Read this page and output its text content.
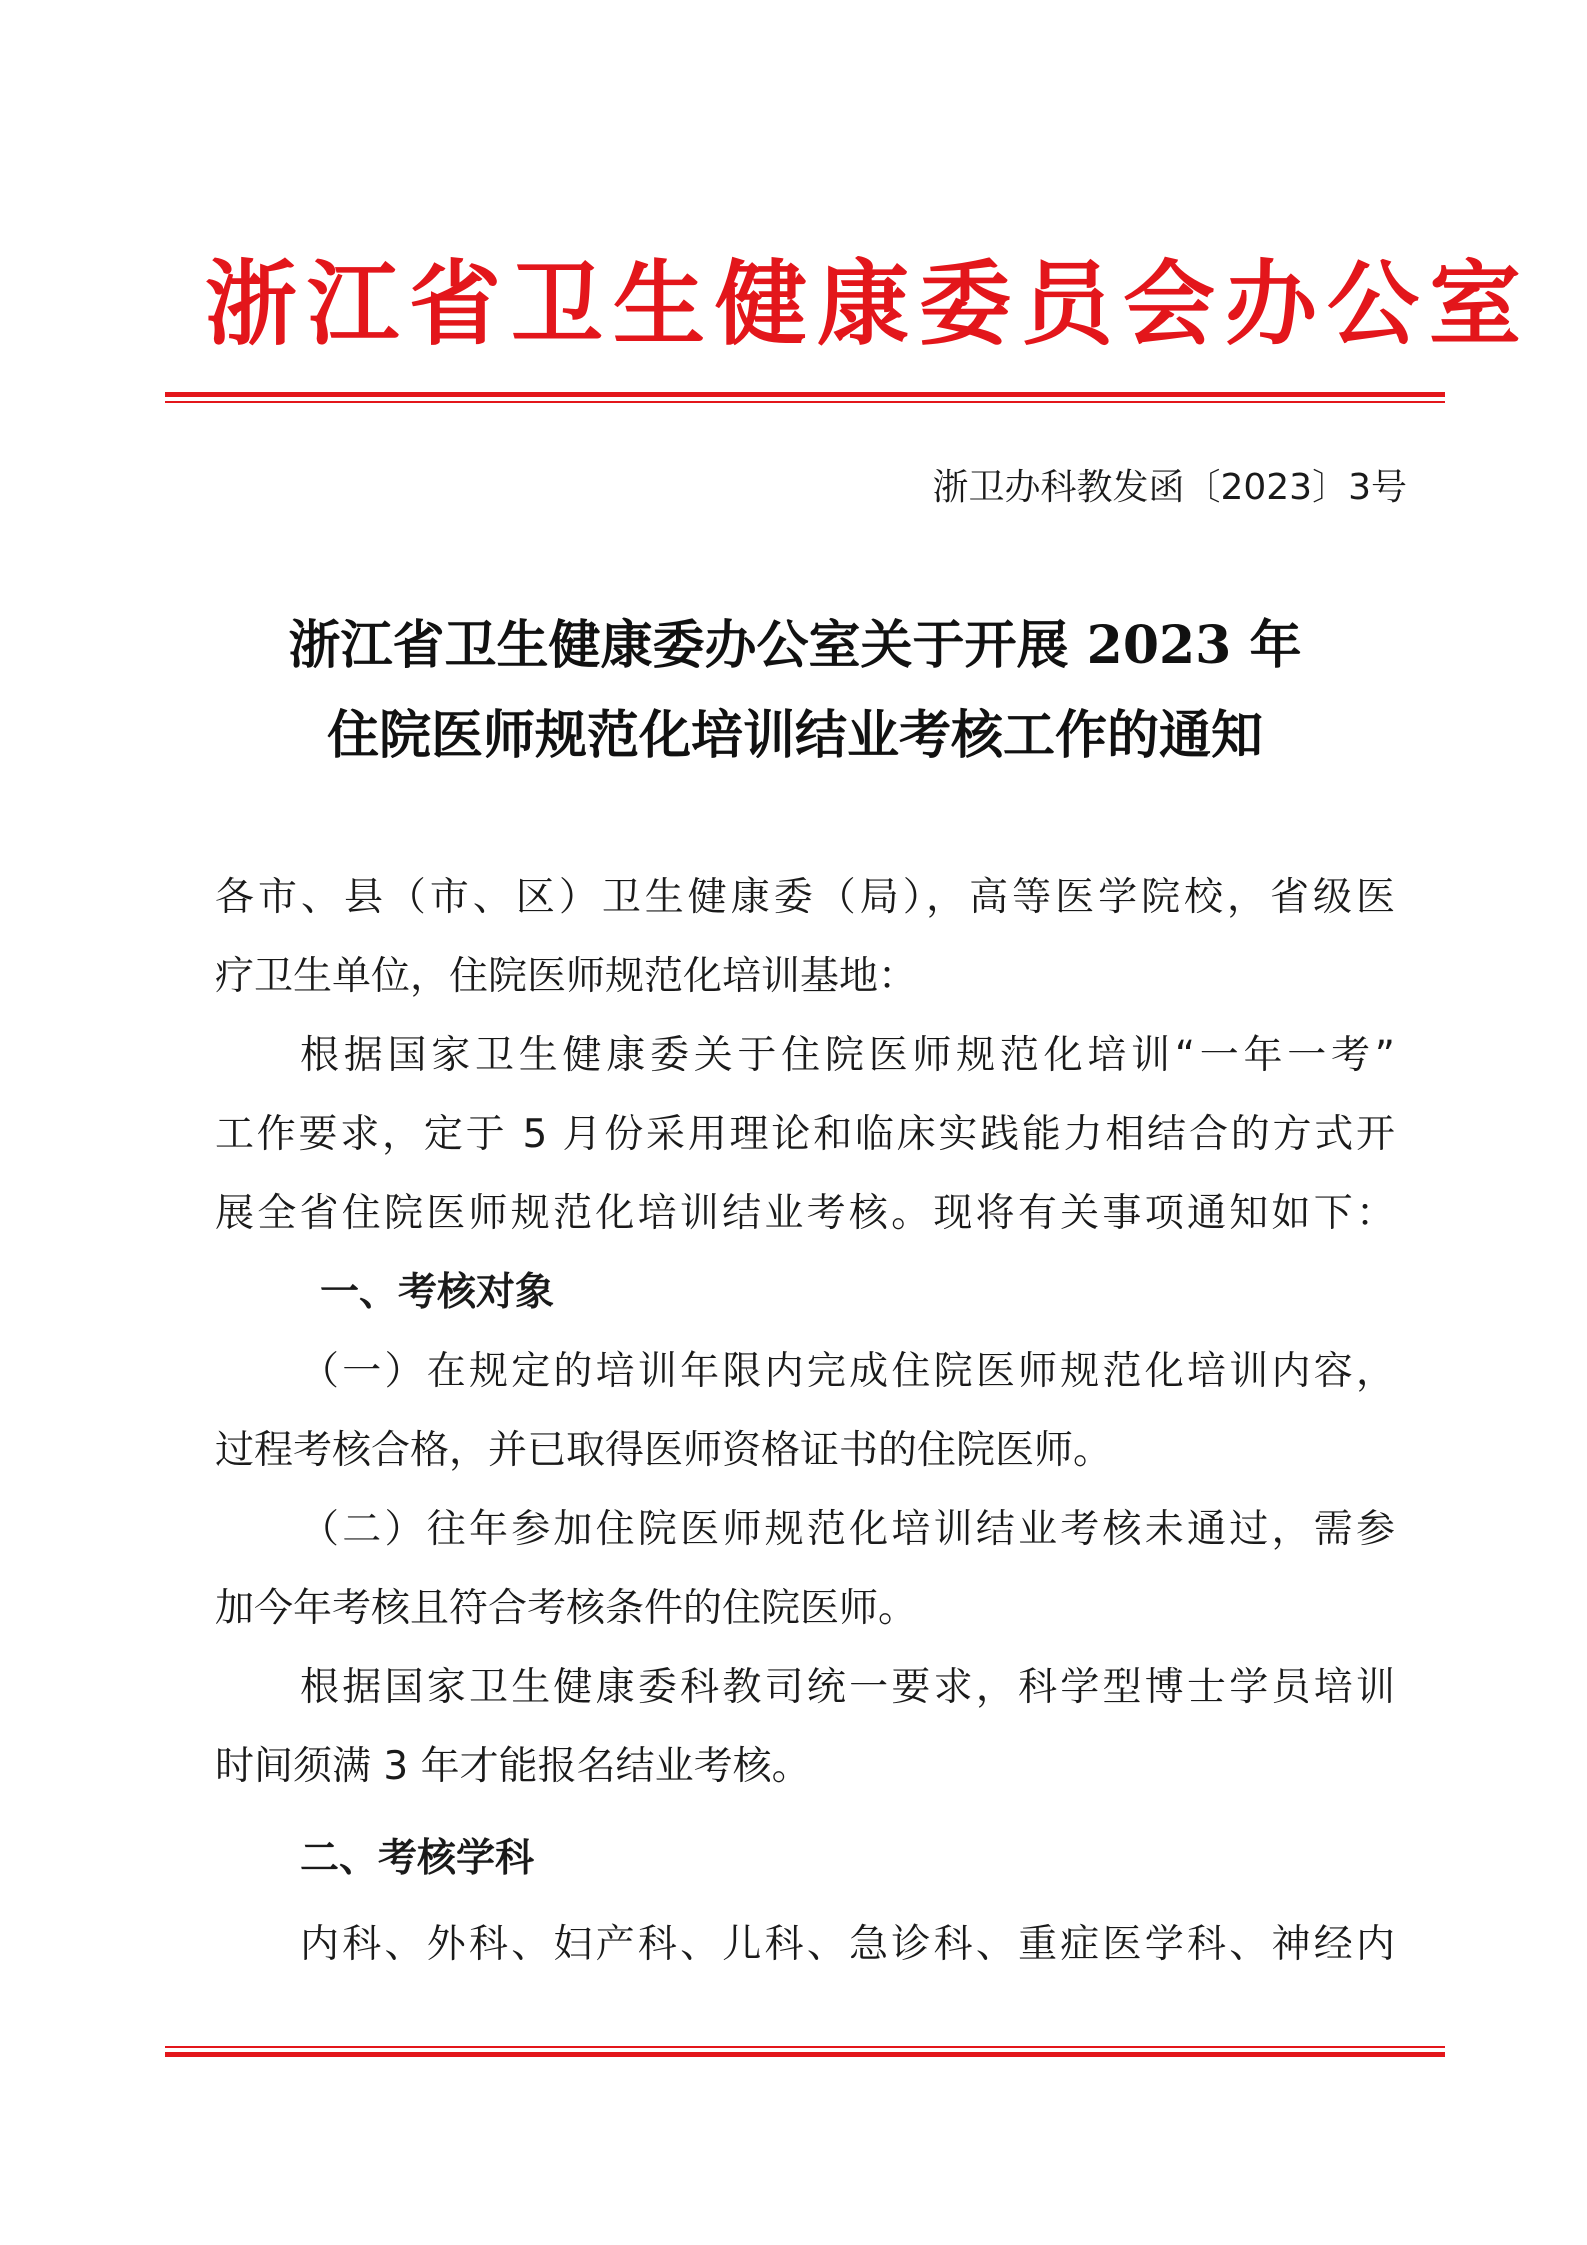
浙江省卫生健康委员会办公室
浙卫办科教发函〔2023〕3号
浙江省卫生健康委办公室关于开展 2023 年
住院医师规范化培训结业考核工作的通知
各市、县（市、区）卫生健康委（局），高等医学院校，省级医
疗卫生单位，住院医师规范化培训基地：
根据国家卫生健康委关于住院医师规范化培训“一年一考”
工作要求，定于 5 月份采用理论和临床实践能力相结合的方式开
展全省住院医师规范化培训结业考核。现将有关事项通知如下：
一、考核对象
（一）在规定的培训年限内完成住院医师规范化培训内容，
过程考核合格，并已取得医师资格证书的住院医师。
（二）往年参加住院医师规范化培训结业考核未通过，需参
加今年考核且符合考核条件的住院医师。
根据国家卫生健康委科教司统一要求，科学型博士学员培训
时间须满 3 年才能报名结业考核。
二、考核学科
内科、外科、妇产科、儿科、急诊科、重症医学科、神经内
